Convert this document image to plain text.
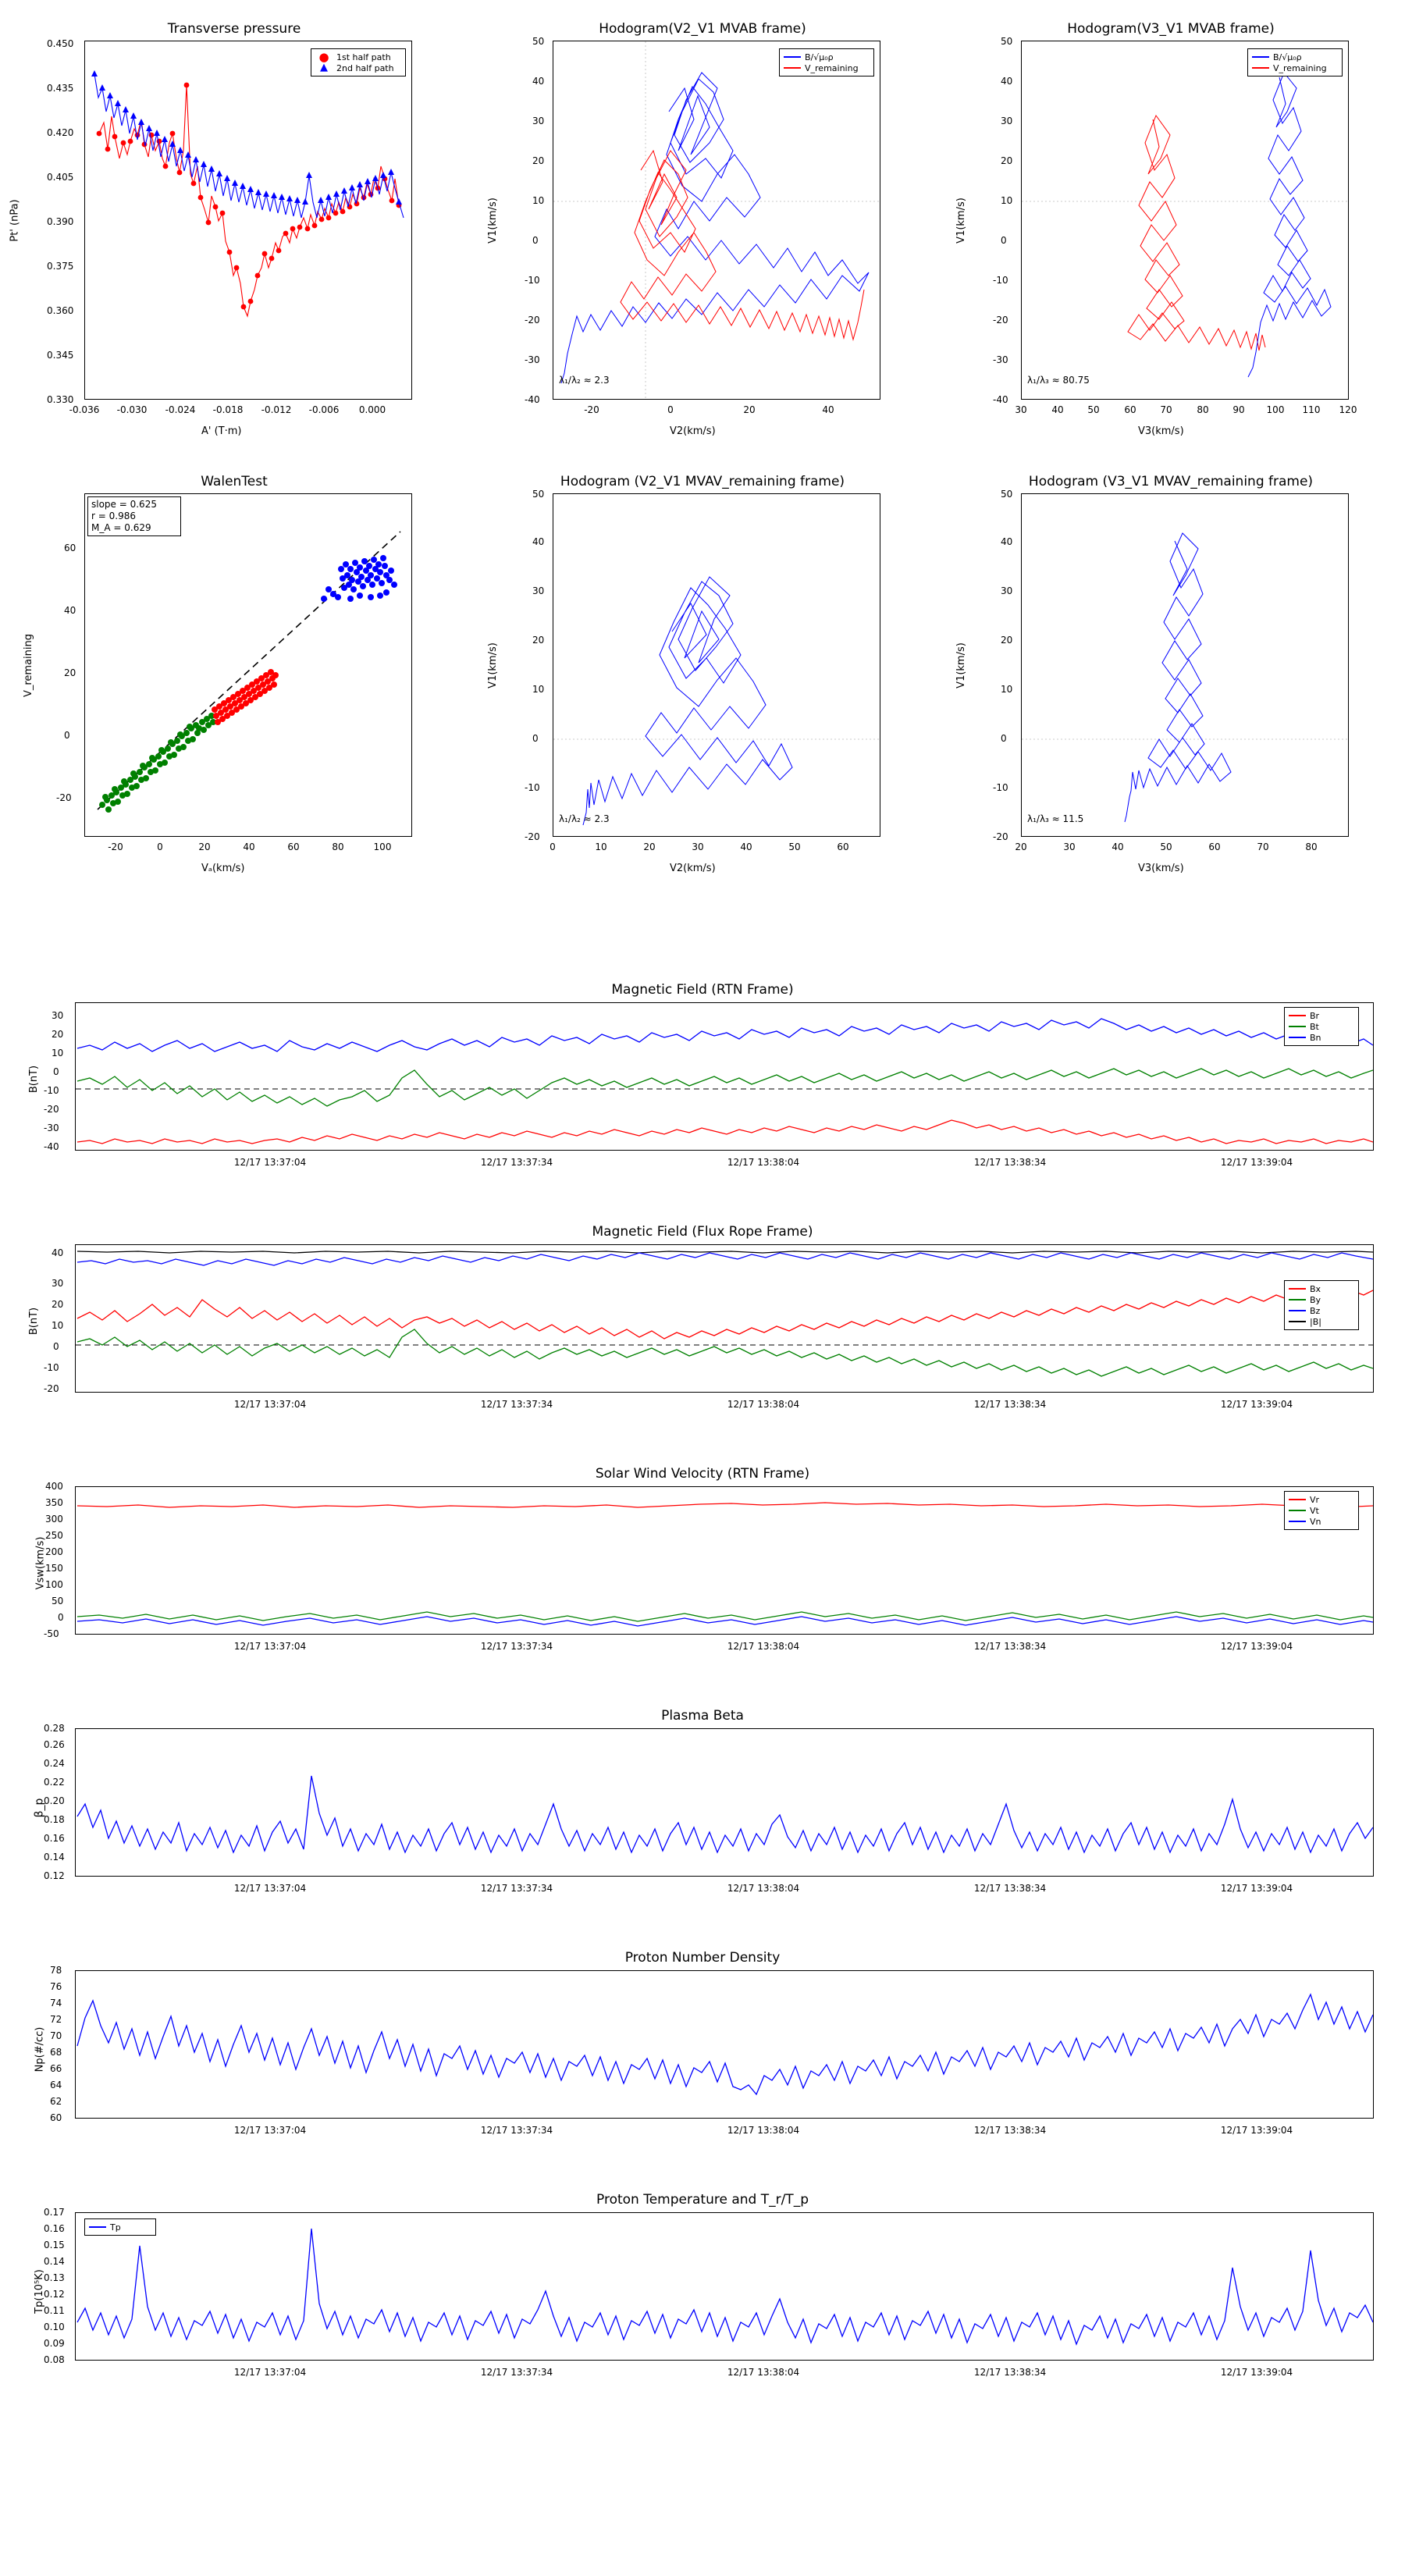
Transverse pressure
● 1st half path
▲	2nd half path
Pt' (nPa)
A' (T·m)
0.330
0.345
0.360
0.375
0.390
0.405
0.420
0.435
0.450
-0.036	-0.030	-0.024	-0.018	-0.012	-0.006	0.000
Hodogram(V2_V1 MVAB frame)
B/√μ₀ρ
V_remaining
λ₁/λ₂ ≈ 2.3
V1(km/s)
V2(km/s)
-40
-30
-20
-10
0
10
20
30
40
50
-20	0	20	40
Hodogram(V3_V1 MVAB frame)
B/√μ₀ρ
V_remaining
λ₁/λ₃ ≈ 80.75
V1(km/s)
V3(km/s)
-40
-30
-20
-10
0
10
20
30
40
50
30	40	50	60	70	80	90	100	110	120
WalenTest
slope = 0.625
r = 0.986
M_A = 0.629
V_remaining
Vₐ(km/s)
-20
0
20
40
60
-20	0	20	40	60	80	100
Hodogram (V2_V1 MVAV_remaining frame)
λ₁/λ₂ ≈ 2.3
V1(km/s)
V2(km/s)
-20
-10
0
10
20
30
40
50
0	10	20	30	40	50	60
Hodogram (V3_V1 MVAV_remaining frame)
λ₁/λ₃ ≈ 11.5
V1(km/s)
V3(km/s)
-20
-10
0
10
20
30
40
50
20	30	40	50	60	70	80
Magnetic Field (RTN Frame)
Br
Bt
Bn
B(nT)
-40
-30
-20
-10
0
10
20
30
12/17 13:37:04	12/17 13:37:34	12/17 13:38:04	12/17 13:38:34	12/17 13:39:04
Magnetic Field (Flux Rope Frame)
Bx
By
Bz
|B|
B(nT)
-20
-10
0
10
20
30
40
12/17 13:37:04	12/17 13:37:34	12/17 13:38:04	12/17 13:38:34	12/17 13:39:04
Solar Wind Velocity (RTN Frame)
Vr
Vt
Vn
Vsw(km/s)
-50
0
50
100
150
200
250
300
350
400
12/17 13:37:04	12/17 13:37:34	12/17 13:38:04	12/17 13:38:34	12/17 13:39:04
Plasma Beta
β_p
0.12
0.14
0.16
0.18
0.20
0.22
0.24
0.26
0.28
12/17 13:37:04	12/17 13:37:34	12/17 13:38:04	12/17 13:38:34	12/17 13:39:04
Proton Number Density
Np(#/cc)
60
62
64
66
68
70
72
74
76
78
12/17 13:37:04	12/17 13:37:34	12/17 13:38:04	12/17 13:38:34	12/17 13:39:04
Proton Temperature and T_r/T_p
Tp
Tp(10⁵K)
0.08
0.09
0.10
0.11
0.12
0.13
0.14
0.15
0.16
0.17
12/17 13:37:04	12/17 13:37:34	12/17 13:38:04	12/17 13:38:34	12/17 13:39:04
